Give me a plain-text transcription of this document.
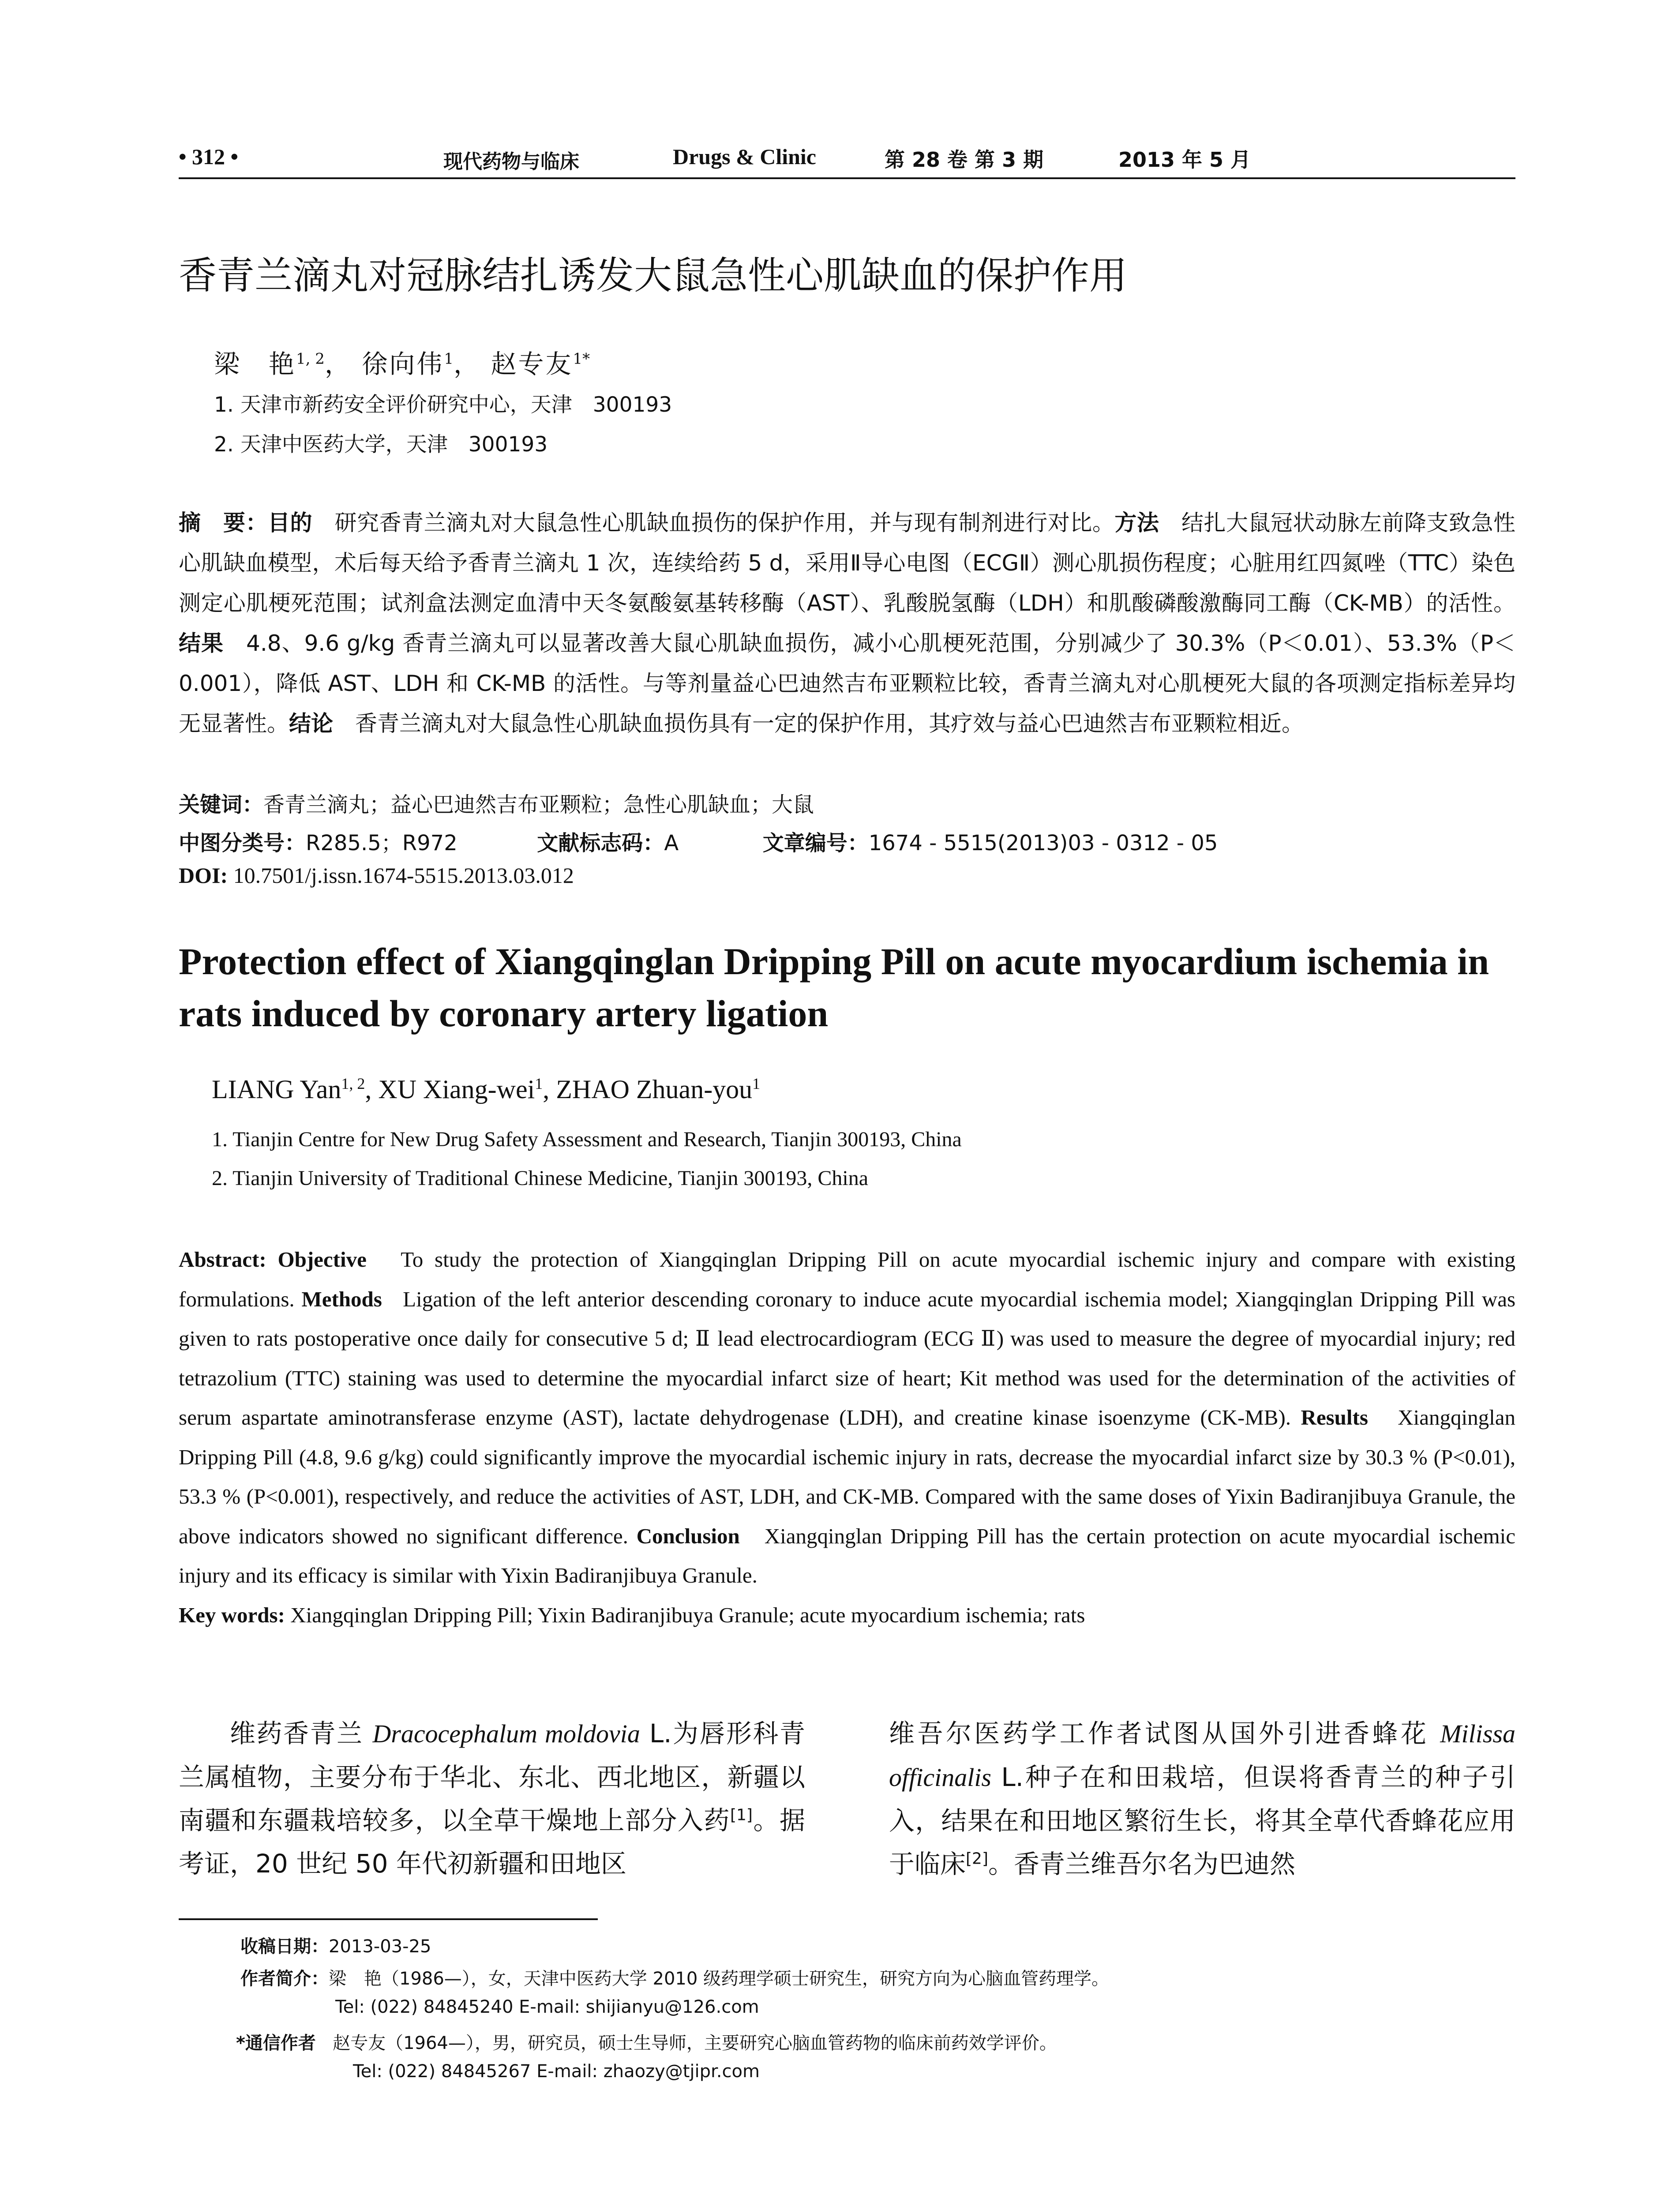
• 312 •	现代药物与临床	Drugs & Clinic	第 28 卷 第 3 期	2013 年 5 月
香青兰滴丸对冠脉结扎诱发大鼠急性心肌缺血的保护作用
梁　艳$^{1, 2}$， 徐向伟$^1$， 赵专友$^{1*}$
1. 天津市新药安全评价研究中心，天津　300193
2. 天津中医药大学，天津　300193
摘　要：目的　 研究香青兰滴丸对大鼠急性心肌缺血损伤的保护作用，并与现有制剂进行对比。方法　 结扎大鼠冠状动脉左前降支致急性心肌缺血模型，术后每天给予香青兰滴丸 1 次，连续给药 5 d，采用Ⅱ导心电图（ECGⅡ）测心肌损伤程度；心脏用红四氮唑（TTC）染色测定心肌梗死范围；试剂盒法测定血清中天冬氨酸氨基转移酶（AST）、乳酸脱氢酶（LDH）和肌酸磷酸激酶同工酶（CK-MB）的活性。结果　 4.8、9.6 g/kg 香青兰滴丸可以显著改善大鼠心肌缺血损伤，减小心肌梗死范围，分别减少了 30.3%（P＜0.01）、53.3%（P＜0.001），降低 AST、LDH 和 CK-MB 的活性。与等剂量益心巴迪然吉布亚颗粒比较，香青兰滴丸对心肌梗死大鼠的各项测定指标差异均无显著性。结论　 香青兰滴丸对大鼠急性心肌缺血损伤具有一定的保护作用，其疗效与益心巴迪然吉布亚颗粒相近。
关键词：香青兰滴丸；益心巴迪然吉布亚颗粒；急性心肌缺血；大鼠
中图分类号：R285.5；R972	文献标志码：A	文章编号：1674 - 5515(2013)03 - 0312 - 05
DOI: 10.7501/j.issn.1674-5515.2013.03.012
Protection effect of Xiangqinglan Dripping Pill on acute myocardium ischemia in rats induced by coronary artery ligation
LIANG Yan$^{1, 2}$, XU Xiang-wei$^1$, ZHAO Zhuan-you$^1$
1. Tianjin Centre for New Drug Safety Assessment and Research, Tianjin 300193, China
2. Tianjin University of Traditional Chinese Medicine, Tianjin 300193, China
Abstract: Objective To study the protection of Xiangqinglan Dripping Pill on acute myocardial ischemic injury and compare with existing formulations. Methods Ligation of the left anterior descending coronary to induce acute myocardial ischemia model; Xiangqinglan Dripping Pill was given to rats postoperative once daily for consecutive 5 d; Ⅱ lead electrocardiogram (ECG Ⅱ) was used to measure the degree of myocardial injury; red tetrazolium (TTC) staining was used to determine the myocardial infarct size of heart; Kit method was used for the determination of the activities of serum aspartate aminotransferase enzyme (AST), lactate dehydrogenase (LDH), and creatine kinase isoenzyme (CK-MB). Results Xiangqinglan Dripping Pill (4.8, 9.6 g/kg) could significantly improve the myocardial ischemic injury in rats, decrease the myocardial infarct size by 30.3 % (P<0.01), 53.3 % (P<0.001), respectively, and reduce the activities of AST, LDH, and CK-MB. Compared with the same doses of Yixin Badiranjibuya Granule, the above indicators showed no significant difference. Conclusion Xiangqinglan Dripping Pill has the certain protection on acute myocardial ischemic injury and its efficacy is similar with Yixin Badiranjibuya Granule.
Key words: Xiangqinglan Dripping Pill; Yixin Badiranjibuya Granule; acute myocardium ischemia; rats
维药香青兰 Dracocephalum moldovia L.为唇形科青兰属植物，主要分布于华北、东北、西北地区，新疆以南疆和东疆栽培较多，以全草干燥地上部分入药[1]。据考证，20 世纪 50 年代初新疆和田地区
维吾尔医药学工作者试图从国外引进香蜂花 Milissa officinalis L.种子在和田栽培，但误将香青兰的种子引入，结果在和田地区繁衍生长，将其全草代香蜂花应用于临床[2]。香青兰维吾尔名为巴迪然
收稿日期：2013-03-25
作者简介：梁　艳（1986—），女，天津中医药大学 2010 级药理学硕士研究生，研究方向为心脑血管药理学。
Tel: (022) 84845240 E-mail: shijianyu@126.com
*通信作者 赵专友（1964—），男，研究员，硕士生导师，主要研究心脑血管药物的临床前药效学评价。
Tel: (022) 84845267 E-mail: zhaozy@tjipr.com
